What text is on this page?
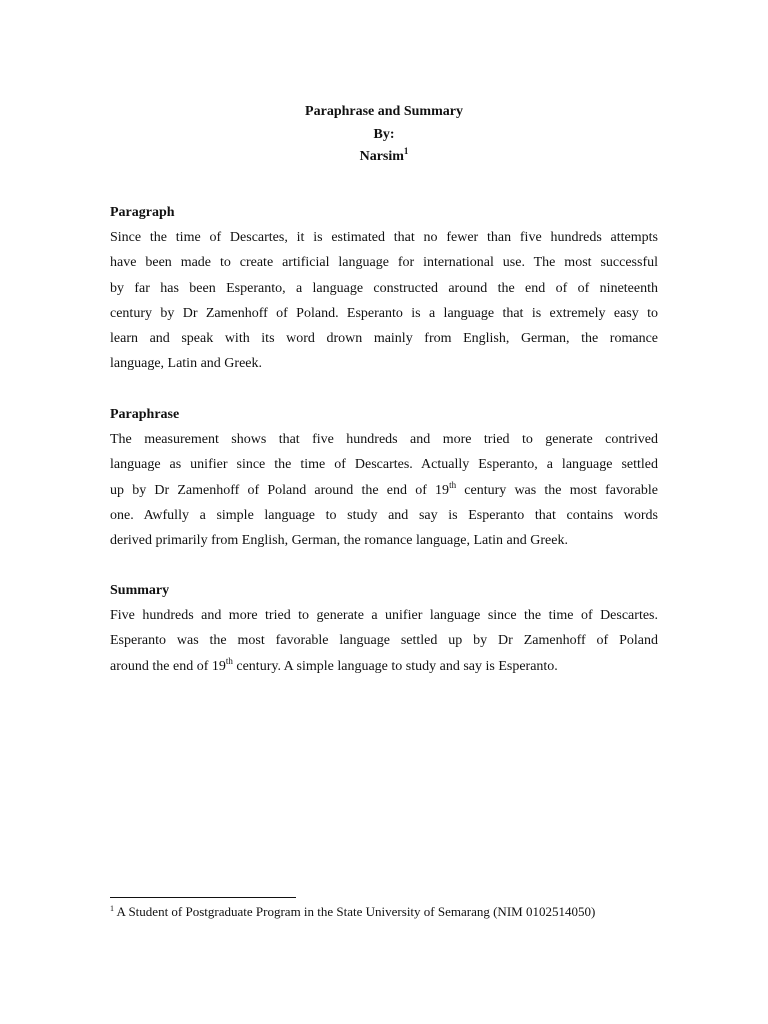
Paraphrase and Summary
By:
Narsim$^1$

Paragraph

Since the time of Descartes, it is estimated that no fewer than five hundreds attempts
have been made to create artificial language for international use. The most successful
by far has been Esperanto, a language constructed around the end of of nineteenth
century by Dr Zamenhoff of Poland. Esperanto is a language that is extremely easy to
learn and speak with its word drown mainly from English, German, the romance
language, Latin and Greek.

Paraphrase

The measurement shows that five hundreds and more tried to generate contrived
language as unifier since the time of Descartes. Actually Esperanto, a language settled
up by Dr Zamenhoff of Poland around the end of 19th century was the most favorable
one. Awfully a simple language to study and say is Esperanto that contains words
derived primarily from English, German, the romance language, Latin and Greek.

Summary

Five hundreds and more tried to generate a unifier language since the time of Descartes.
Esperanto was the most favorable language settled up by Dr Zamenhoff of Poland
around the end of 19th century. A simple language to study and say is Esperanto.

$^1$ A Student of Postgraduate Program in the State University of Semarang (NIM 0102514050)
